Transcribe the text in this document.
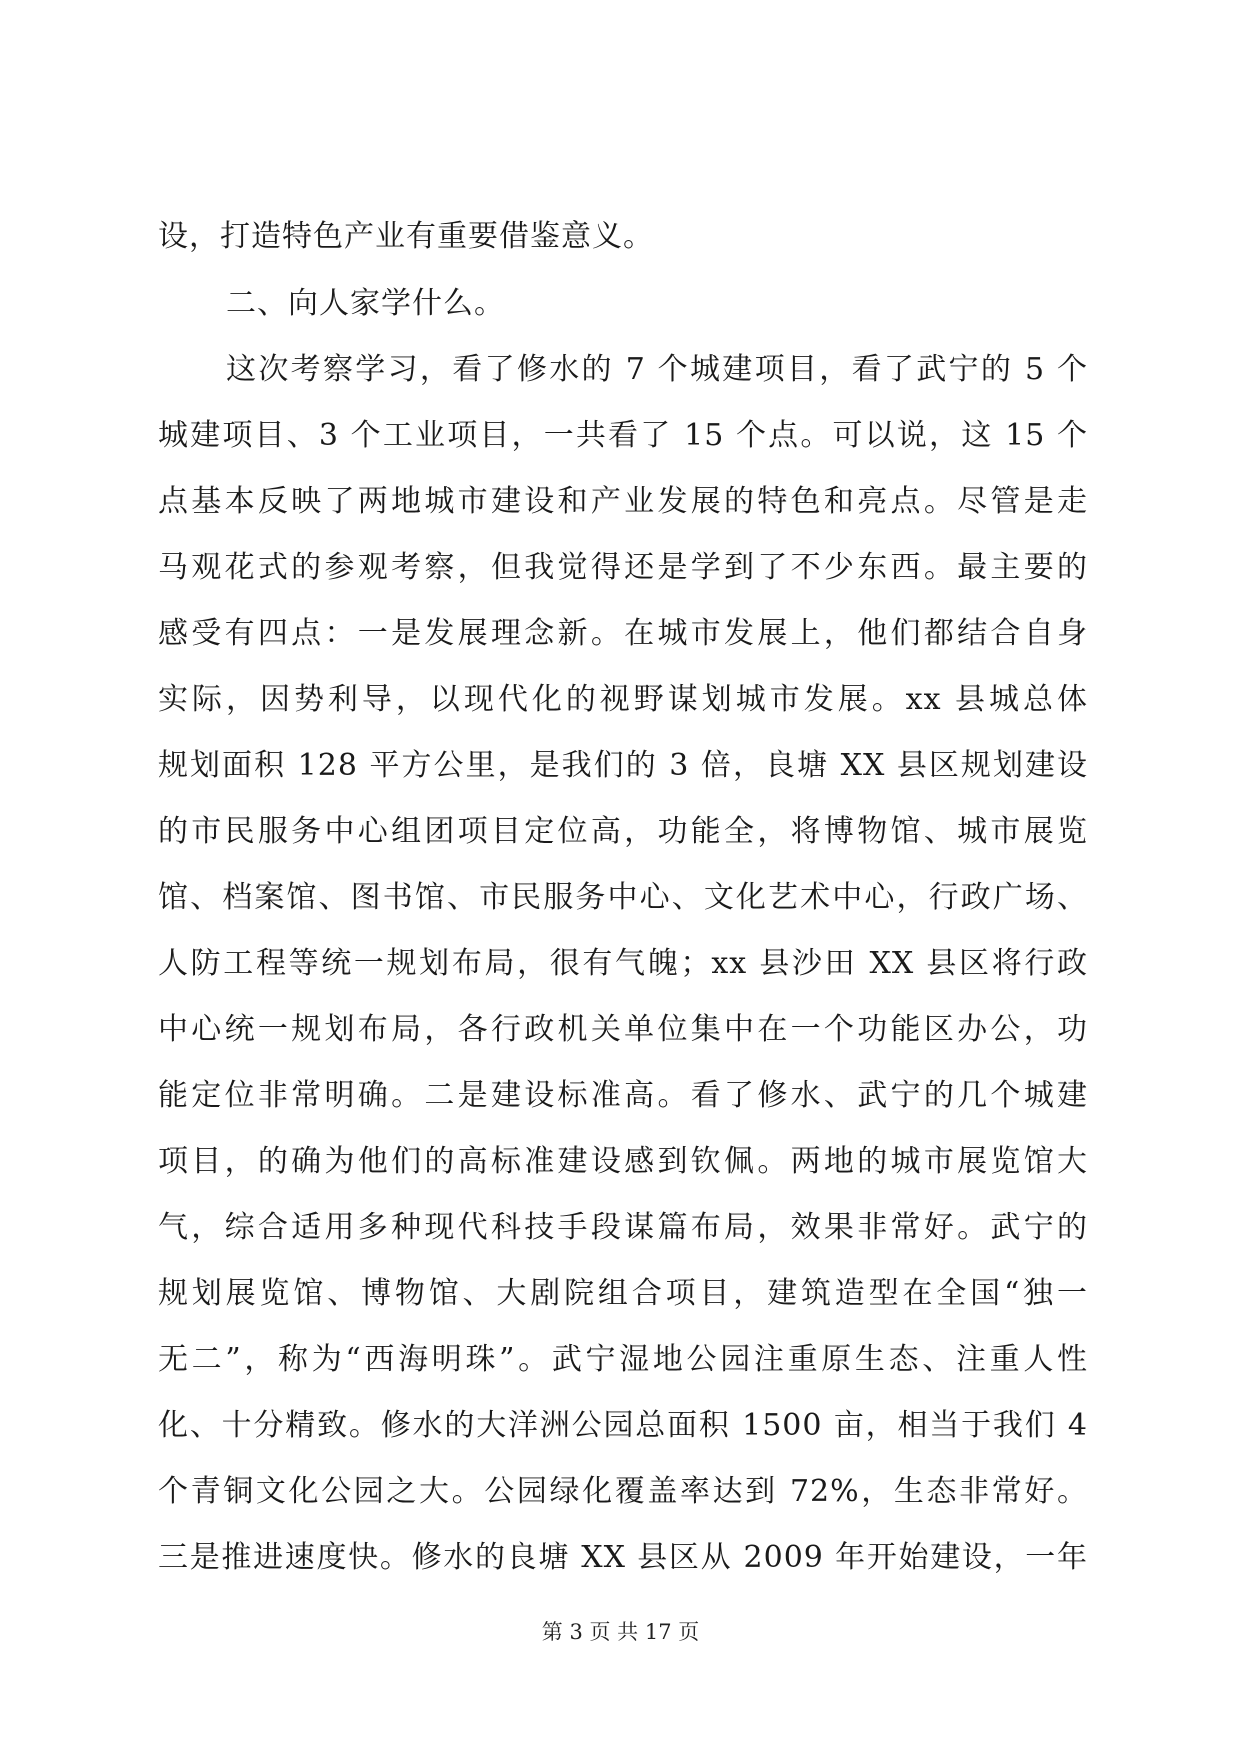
设，打造特色产业有重要借鉴意义。
二、向人家学什么。
这次考察学习，看了修水的 7 个城建项目，看了武宁的 5 个
城建项目、3 个工业项目，一共看了 15 个点。可以说，这 15 个
点基本反映了两地城市建设和产业发展的特色和亮点。尽管是走
马观花式的参观考察，但我觉得还是学到了不少东西。最主要的
感受有四点：一是发展理念新。在城市发展上，他们都结合自身
实际，因势利导，以现代化的视野谋划城市发展。xx 县城总体
规划面积 128 平方公里，是我们的 3 倍，良塘 XX 县区规划建设
的市民服务中心组团项目定位高，功能全，将博物馆、城市展览
馆、档案馆、图书馆、市民服务中心、文化艺术中心，行政广场、
人防工程等统一规划布局，很有气魄；xx 县沙田 XX 县区将行政
中心统一规划布局，各行政机关单位集中在一个功能区办公，功
能定位非常明确。二是建设标准高。看了修水、武宁的几个城建
项目，的确为他们的高标准建设感到钦佩。两地的城市展览馆大
气，综合适用多种现代科技手段谋篇布局，效果非常好。武宁的
规划展览馆、博物馆、大剧院组合项目，建筑造型在全国“独一
无二”，称为“西海明珠”。武宁湿地公园注重原生态、注重人性
化、十分精致。修水的大洋洲公园总面积 1500 亩，相当于我们 4
个青铜文化公园之大。公园绿化覆盖率达到 72%，生态非常好。
三是推进速度快。修水的良塘 XX 县区从 2009 年开始建设，一年
第 3 页 共 17 页
